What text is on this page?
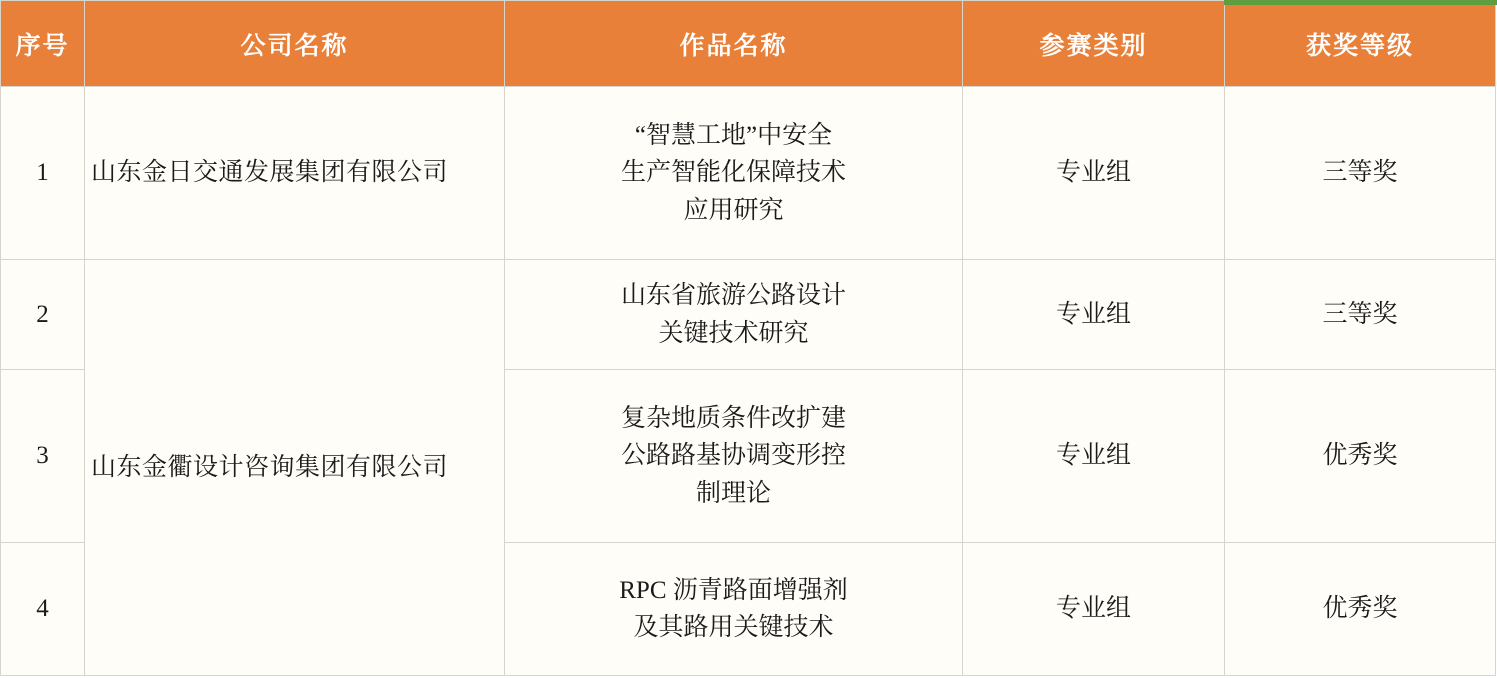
序号	公司名称	作品名称	参赛类别	获奖等级
1	山东金日交通发展集团有限公司	“智慧工地”中安全
生产智能化保障技术
应用研究	专业组	三等奖
2	山东金衢设计咨询集团有限公司	山东省旅游公路设计
关键技术研究	专业组	三等奖
3		复杂地质条件改扩建
公路路基协调变形控
制理论	专业组	优秀奖
4		RPC 沥青路面增强剂
及其路用关键技术	专业组	优秀奖
